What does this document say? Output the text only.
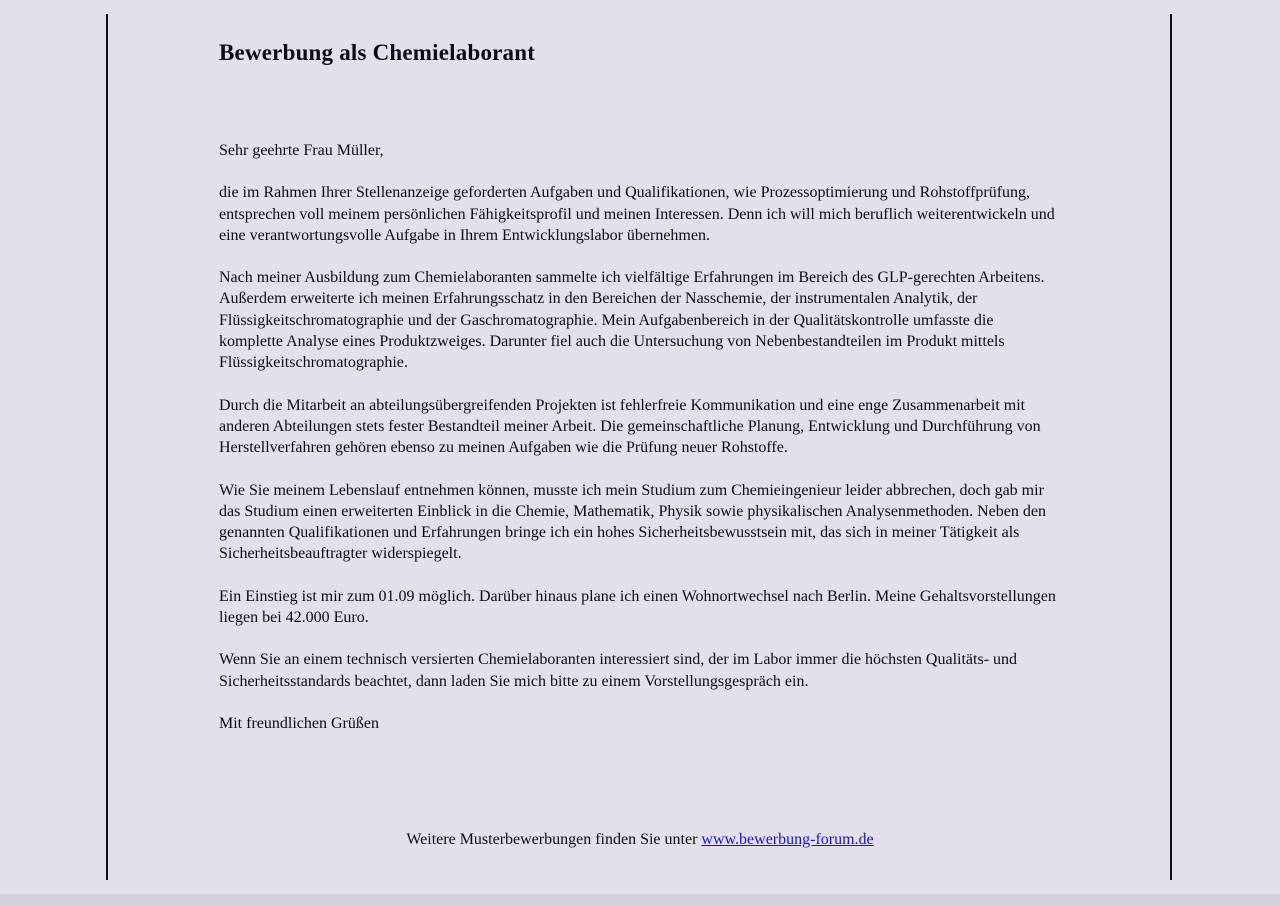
Bewerbung als Chemielaborant

Sehr geehrte Frau Müller,

die im Rahmen Ihrer Stellenanzeige geforderten Aufgaben und Qualifikationen, wie Prozessoptimierung und Rohstoffprüfung, entsprechen voll meinem persönlichen Fähigkeitsprofil und meinen Interessen. Denn ich will mich beruflich weiterentwickeln und eine verantwortungsvolle Aufgabe in Ihrem Entwicklungslabor übernehmen.

Nach meiner Ausbildung zum Chemielaboranten sammelte ich vielfältige Erfahrungen im Bereich des GLP-gerechten Arbeitens. Außerdem erweiterte ich meinen Erfahrungsschatz in den Bereichen der Nasschemie, der instrumentalen Analytik, der Flüssigkeitschromatographie und der Gaschromatographie. Mein Aufgabenbereich in der Qualitätskontrolle umfasste die komplette Analyse eines Produktzweiges. Darunter fiel auch die Untersuchung von Nebenbestandteilen im Produkt mittels Flüssigkeitschromatographie.

Durch die Mitarbeit an abteilungsübergreifenden Projekten ist fehlerfreie Kommunikation und eine enge Zusammenarbeit mit anderen Abteilungen stets fester Bestandteil meiner Arbeit. Die gemeinschaftliche Planung, Entwicklung und Durchführung von Herstellverfahren gehören ebenso zu meinen Aufgaben wie die Prüfung neuer Rohstoffe.

Wie Sie meinem Lebenslauf entnehmen können, musste ich mein Studium zum Chemieingenieur leider abbrechen, doch gab mir das Studium einen erweiterten Einblick in die Chemie, Mathematik, Physik sowie physikalischen Analysenmethoden. Neben den genannten Qualifikationen und Erfahrungen bringe ich ein hohes Sicherheitsbewusstsein mit, das sich in meiner Tätigkeit als Sicherheitsbeauftragter widerspiegelt.

Ein Einstieg ist mir zum 01.09 möglich. Darüber hinaus plane ich einen Wohnortwechsel nach Berlin. Meine Gehaltsvorstellungen liegen bei 42.000 Euro.

Wenn Sie an einem technisch versierten Chemielaboranten interessiert sind, der im Labor immer die höchsten Qualitäts- und Sicherheitsstandards beachtet, dann laden Sie mich bitte zu einem Vorstellungsgespräch ein.

Mit freundlichen Grüßen

Weitere Musterbewerbungen finden Sie unter www.bewerbung-forum.de
